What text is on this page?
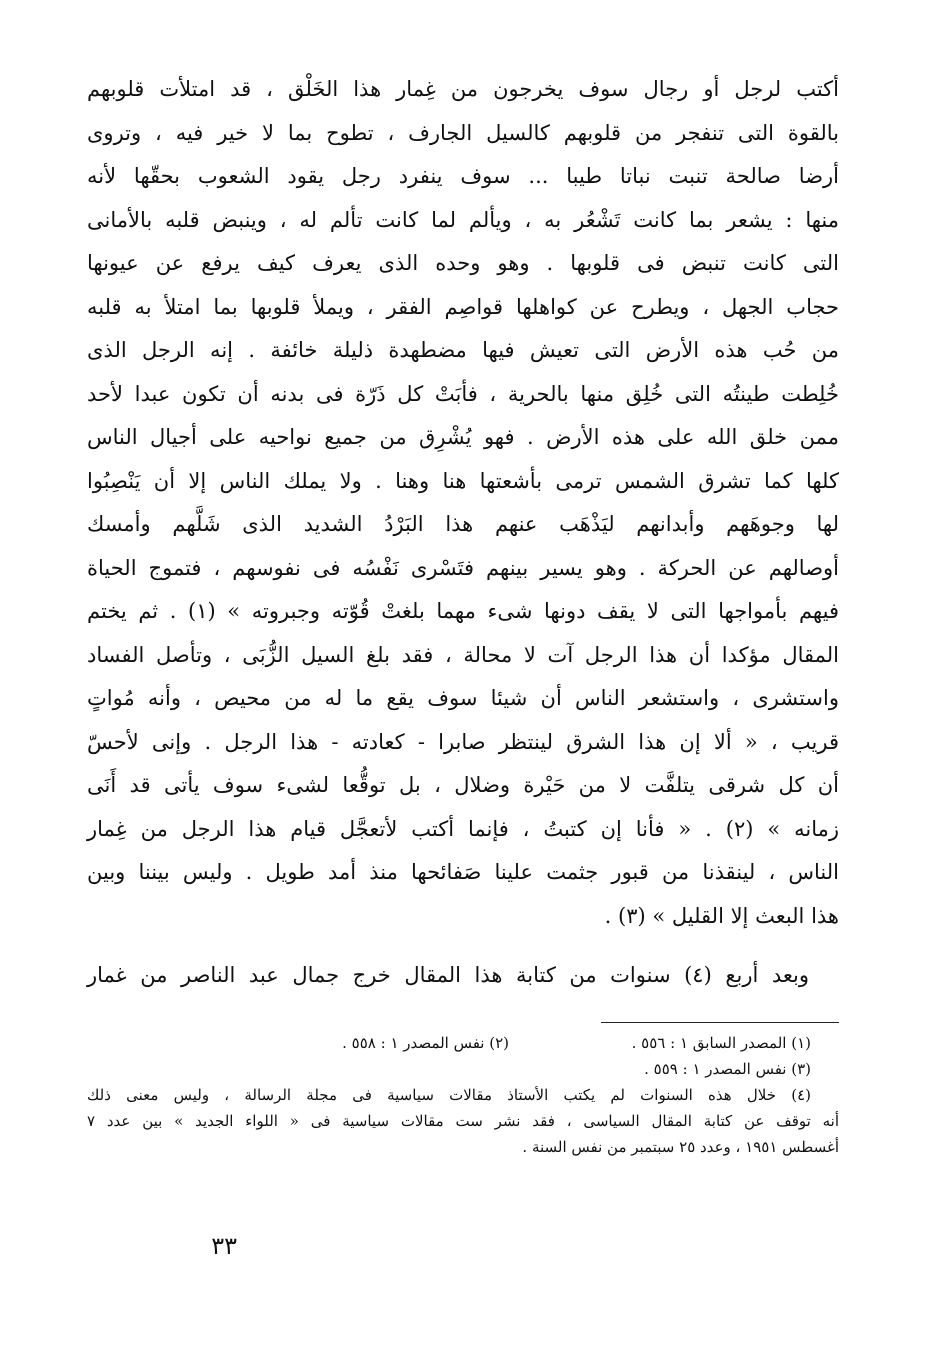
أكتب لرجل أو رجال سوف يخرجون من غِمار هذا الخَلْق ، قد امتلأت قلوبهم
بالقوة التى تنفجر من قلوبهم كالسيل الجارف ، تطوح بما لا خير فيه ، وتروى
أرضا صالحة تنبت نباتا طيبا ... سوف ينفرد رجل يقود الشعوب بحقّها لأنه
منها : يشعر بما كانت تَشْعُر به ، ويألم لما كانت تألم له ، وينبض قلبه بالأمانى
التى كانت تنبض فى قلوبها . وهو وحده الذى يعرف كيف يرفع عن عيونها
حجاب الجهل ، ويطرح عن كواهلها قواصِم الفقر ، ويملأ قلوبها بما امتلأ به قلبه
من حُب هذه الأرض التى تعيش فيها مضطهدة ذليلة خائفة . إنه الرجل الذى
خُلِطت طينتُه التى خُلِق منها بالحرية ، فأبَتْ كل ذَرّة فى بدنه أن تكون عبدا لأحد
ممن خلق الله على هذه الأرض . فهو يُشْرِق من جميع نواحيه على أجيال الناس
كلها كما تشرق الشمس ترمى بأشعتها هنا وهنا . ولا يملك الناس إلا أن يَنْصِبُوا
لها وجوهَهم وأبدانهم ليَذْهَب عنهم هذا البَرْدُ الشديد الذى شَلَّهم وأمسك
أوصالهم عن الحركة . وهو يسير بينهم فتَسْرى نَفْسُه فى نفوسهم ، فتموج الحياة
فيهم بأمواجها التى لا يقف دونها شىء مهما بلغتْ قُوّته وجبروته » (١) . ثم يختم
المقال مؤكدا أن هذا الرجل آت لا محالة ، فقد بلغ السيل الزُّبَى ، وتأصل الفساد
واستشرى ، واستشعر الناس أن شيئا سوف يقع ما له من محيص ، وأنه مُواتٍ
قريب ، « ألا إن هذا الشرق لينتظر صابرا - كعادته - هذا الرجل . وإنى لأحسّ
أن كل شرقى يتلفَّت لا من حَيْرة وضلال ، بل توقُّعا لشىء سوف يأتى قد أَنَى
زمانه » (٢) . « فأنا إن كتبتُ ، فإنما أكتب لأتعجَّل قيام هذا الرجل من غِمار
الناس ، لينقذنا من قبور جثمت علينا صَفائحها منذ أمد طويل . وليس بيننا وبين
هذا البعث إلا القليل » (٣) .
وبعد أربع (٤) سنوات من كتابة هذا المقال خرج جمال عبد الناصر من غمار
(١) المصدر السابق ١ : ٥٥٦ .
(٢) نفس المصدر ١ : ٥٥٨ .
(٣) نفس المصدر ١ : ٥٥٩ .
(٤) خلال هذه السنوات لم يكتب الأستاذ مقالات سياسية فى مجلة الرسالة ، وليس معنى ذلك
أنه توقف عن كتابة المقال السياسى ، فقد نشر ست مقالات سياسية فى « اللواء الجديد » بين عدد ٧
أغسطس ١٩٥١ ، وعدد ٢٥ سبتمبر من نفس السنة .
٣٣
